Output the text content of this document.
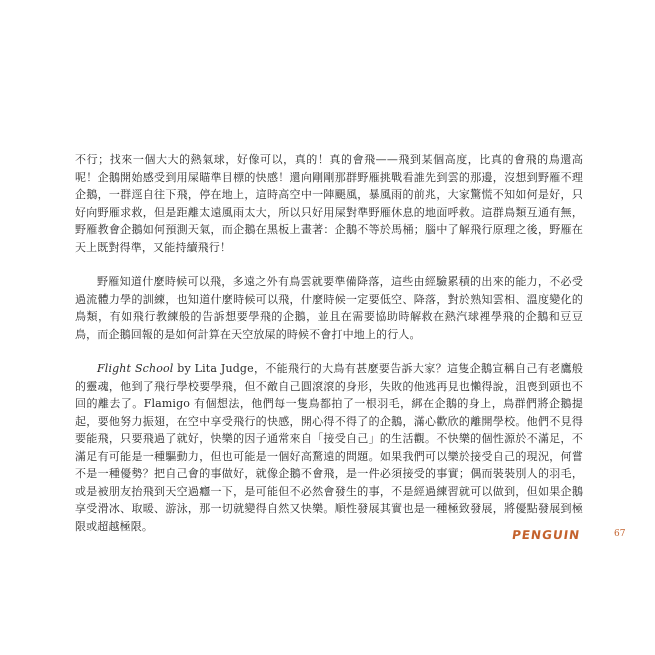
不行；找來一個大大的熱氣球，好像可以，真的！真的會飛——飛到某個高度，比真的會飛的鳥還高呢！企鵝開始感受到用屎瞄準目標的快感！還向剛剛那群野雁挑戰看誰先到雲的那邊，沒想到野雁不理企鵝，一群逕自往下飛，停在地上，這時高空中一陣颶風，暴風雨的前兆，大家驚慌不知如何是好，只好向野雁求救，但是距離太遠風雨太大，所以只好用屎對準野雁休息的地面呼救。這群鳥類互通有無，野雁教會企鵝如何預測天氣，而企鵝在黑板上畫著：企鵝不等於馬桶；腦中了解飛行原理之後，野雁在天上既對得準，又能持續飛行！

野雁知道什麼時候可以飛，多遠之外有鳥雲就要準備降落，這些由經驗累積的出來的能力，不必受過流體力學的訓練，也知道什麼時候可以飛，什麼時候一定要低空、降落，對於熟知雲相、溫度變化的鳥類，有如飛行教練般的告訴想要學飛的企鵝，並且在需要協助時解救在熱汽球裡學飛的企鵝和豆豆鳥，而企鵝回報的是如何計算在天空放屎的時候不會打中地上的行人。

Flight School by Lita Judge，不能飛行的大鳥有甚麼要告訴大家？這隻企鵝宣稱自己有老鷹般的靈魂，他到了飛行學校要學飛，但不敵自己圓滾滾的身形，失敗的他逃再見也懶得說，沮喪到頭也不回的離去了。Flamigo 有個想法，他們每一隻鳥都拍了一根羽毛，綁在企鵝的身上，鳥群們將企鵝提起，要他努力振翅，在空中享受飛行的快感，開心得不得了的企鵝，滿心歡欣的離開學校。他們不見得要能飛，只要飛過了就好，快樂的因子通常來自「接受自己」的生活觀。不快樂的個性源於不滿足，不滿足有可能是一種驅動力，但也可能是一個好高騖遠的問題。如果我們可以樂於接受自己的現況，何嘗不是一種優勢？把自己會的事做好，就像企鵝不會飛，是一件必須接受的事實；偶而裝裝別人的羽毛，或是被朋友抬飛到天空過癮一下，是可能但不必然會發生的事，不是經過練習就可以做到，但如果企鵝享受滑冰、取暖、游泳，那一切就變得自然又快樂。順性發展其實也是一種極致發展，將優點發展到極限或超越極限。

PENGUIN	67
